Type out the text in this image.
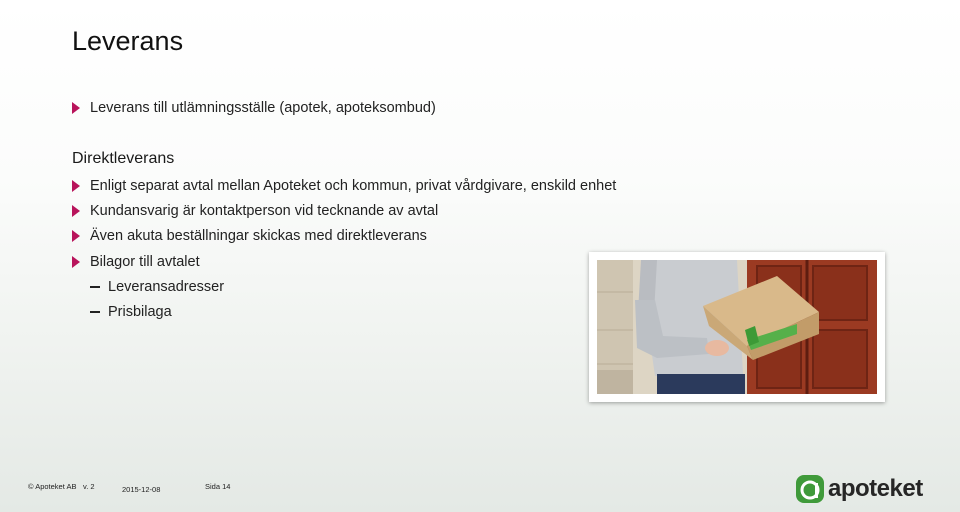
Leverans
Leverans till utlämningsställe (apotek, apoteksombud)
Direktleverans
Enligt separat avtal mellan Apoteket och kommun, privat vårdgivare, enskild enhet
Kundansvarig är kontaktperson vid tecknande av avtal
Även akuta beställningar skickas med direktleverans
Bilagor till avtalet
Leveransadresser
Prisbilaga
© Apoteket AB v. 2	2015-12-08	Sida 14	apoteket
